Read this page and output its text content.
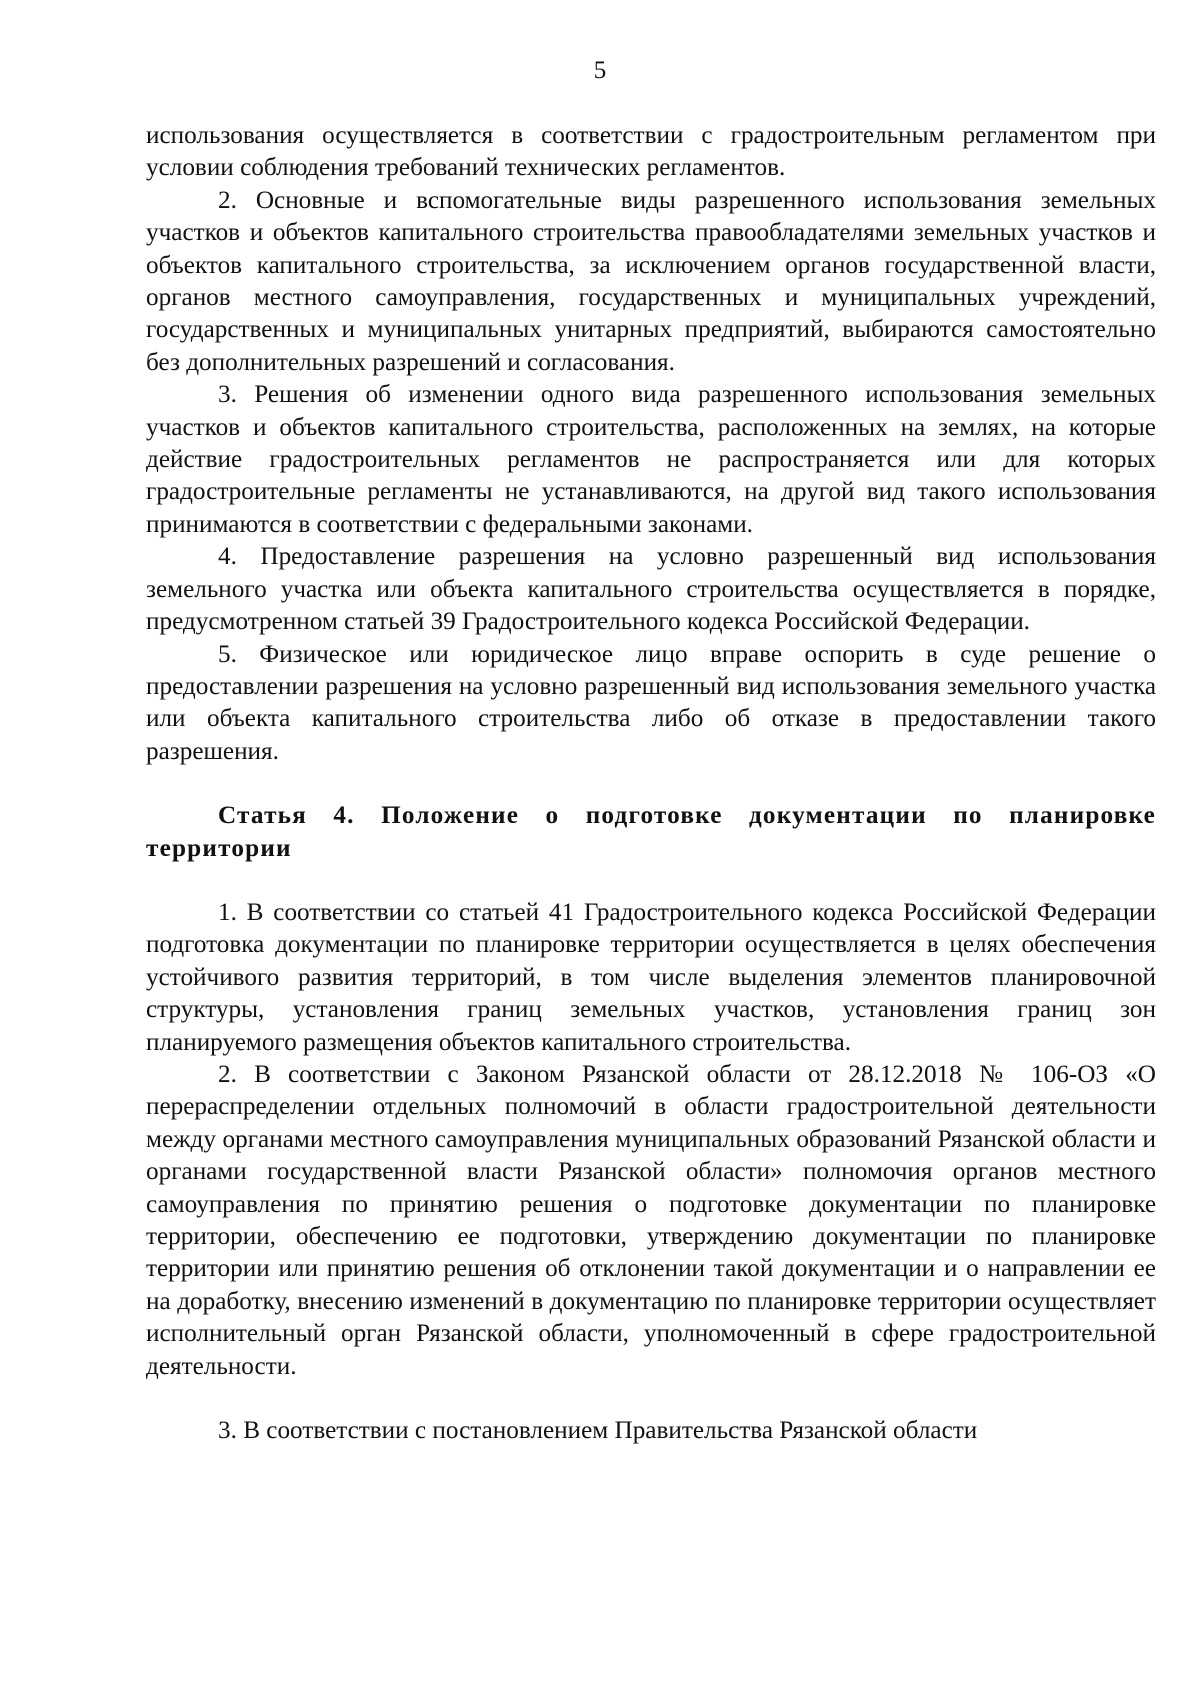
5

использования осуществляется в соответствии с градостроительным регламентом при условии соблюдения требований технических регламентов.

2. Основные и вспомогательные виды разрешенного использования земельных участков и объектов капитального строительства правообладателями земельных участков и объектов капитального строительства, за исключением органов государственной власти, органов местного самоуправления, государственных и муниципальных учреждений, государственных и муниципальных унитарных предприятий, выбираются самостоятельно без дополнительных разрешений и согласования.

3. Решения об изменении одного вида разрешенного использования земельных участков и объектов капитального строительства, расположенных на землях, на которые действие градостроительных регламентов не распространяется или для которых градостроительные регламенты не устанавливаются, на другой вид такого использования принимаются в соответствии с федеральными законами.

4. Предоставление разрешения на условно разрешенный вид использования земельного участка или объекта капитального строительства осуществляется в порядке, предусмотренном статьей 39 Градостроительного кодекса Российской Федерации.

5. Физическое или юридическое лицо вправе оспорить в суде решение о предоставлении разрешения на условно разрешенный вид использования земельного участка или объекта капитального строительства либо об отказе в предоставлении такого разрешения.

Статья 4. Положение о подготовке документации по планировке территории

1. В соответствии со статьей 41 Градостроительного кодекса Российской Федерации подготовка документации по планировке территории осуществляется в целях обеспечения устойчивого развития территорий, в том числе выделения элементов планировочной структуры, установления границ земельных участков, установления границ зон планируемого размещения объектов капитального строительства.

2. В соответствии с Законом Рязанской области от 28.12.2018 № 106-ОЗ «О перераспределении отдельных полномочий в области градостроительной деятельности между органами местного самоуправления муниципальных образований Рязанской области и органами государственной власти Рязанской области» полномочия органов местного самоуправления по принятию решения о подготовке документации по планировке территории, обеспечению ее подготовки, утверждению документации по планировке территории или принятию решения об отклонении такой документации и о направлении ее на доработку, внесению изменений в документацию по планировке территории осуществляет исполнительный орган Рязанской области, уполномоченный в сфере градостроительной деятельности.

3. В соответствии с постановлением Правительства Рязанской области
